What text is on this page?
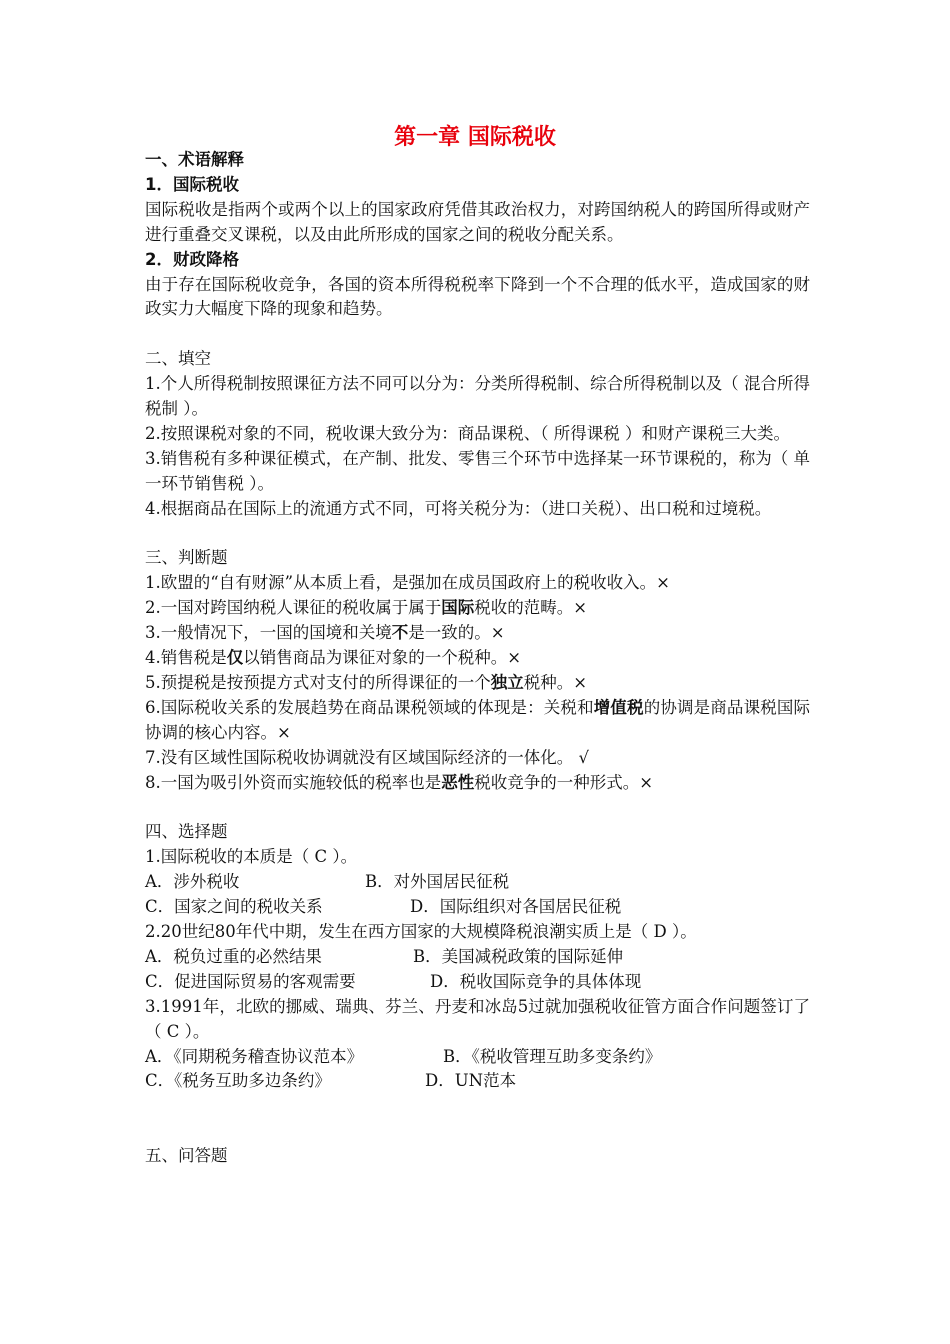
第一章 国际税收
一、术语解释
1．国际税收
国际税收是指两个或两个以上的国家政府凭借其政治权力，对跨国纳税人的跨国所得或财产进行重叠交叉课税，以及由此所形成的国家之间的税收分配关系。
2．财政降格
由于存在国际税收竞争，各国的资本所得税税率下降到一个不合理的低水平，造成国家的财政实力大幅度下降的现象和趋势。
二、填空
1.个人所得税制按照课征方法不同可以分为：分类所得税制、综合所得税制以及（ 混合所得税制 ）。
2.按照课税对象的不同，税收课大致分为：商品课税、（ 所得课税 ）和财产课税三大类。
3.销售税有多种课征模式，在产制、批发、零售三个环节中选择某一环节课税的，称为（ 单一环节销售税 ）。
4.根据商品在国际上的流通方式不同，可将关税分为：（进口关税）、出口税和过境税。
三、判断题
1.欧盟的“自有财源”从本质上看，是强加在成员国政府上的税收收入。×
2.一国对跨国纳税人课征的税收属于属于国际税收的范畴。×
3.一般情况下，一国的国境和关境不是一致的。×
4.销售税是仅以销售商品为课征对象的一个税种。×
5.预提税是按预提方式对支付的所得课征的一个独立税种。×
6.国际税收关系的发展趋势在商品课税领域的体现是：关税和增值税的协调是商品课税国际协调的核心内容。×
7.没有区域性国际税收协调就没有区域国际经济的一体化。 √
8.一国为吸引外资而实施较低的税率也是恶性税收竞争的一种形式。×
四、选择题
1.国际税收的本质是（ C ）。
A．涉外税收	B．对外国居民征税
C．国家之间的税收关系	D．国际组织对各国居民征税
2.20世纪80年代中期，发生在西方国家的大规模降税浪潮实质上是（ D ）。
A．税负过重的必然结果	B．美国减税政策的国际延伸
C．促进国际贸易的客观需要	D．税收国际竞争的具体体现
3.1991年，北欧的挪威、瑞典、芬兰、丹麦和冰岛5过就加强税收征管方面合作问题签订了（ C ）。
A．《同期税务稽查协议范本》	B．《税收管理互助多变条约》
C．《税务互助多边条约》	D．UN范本
五、问答题
